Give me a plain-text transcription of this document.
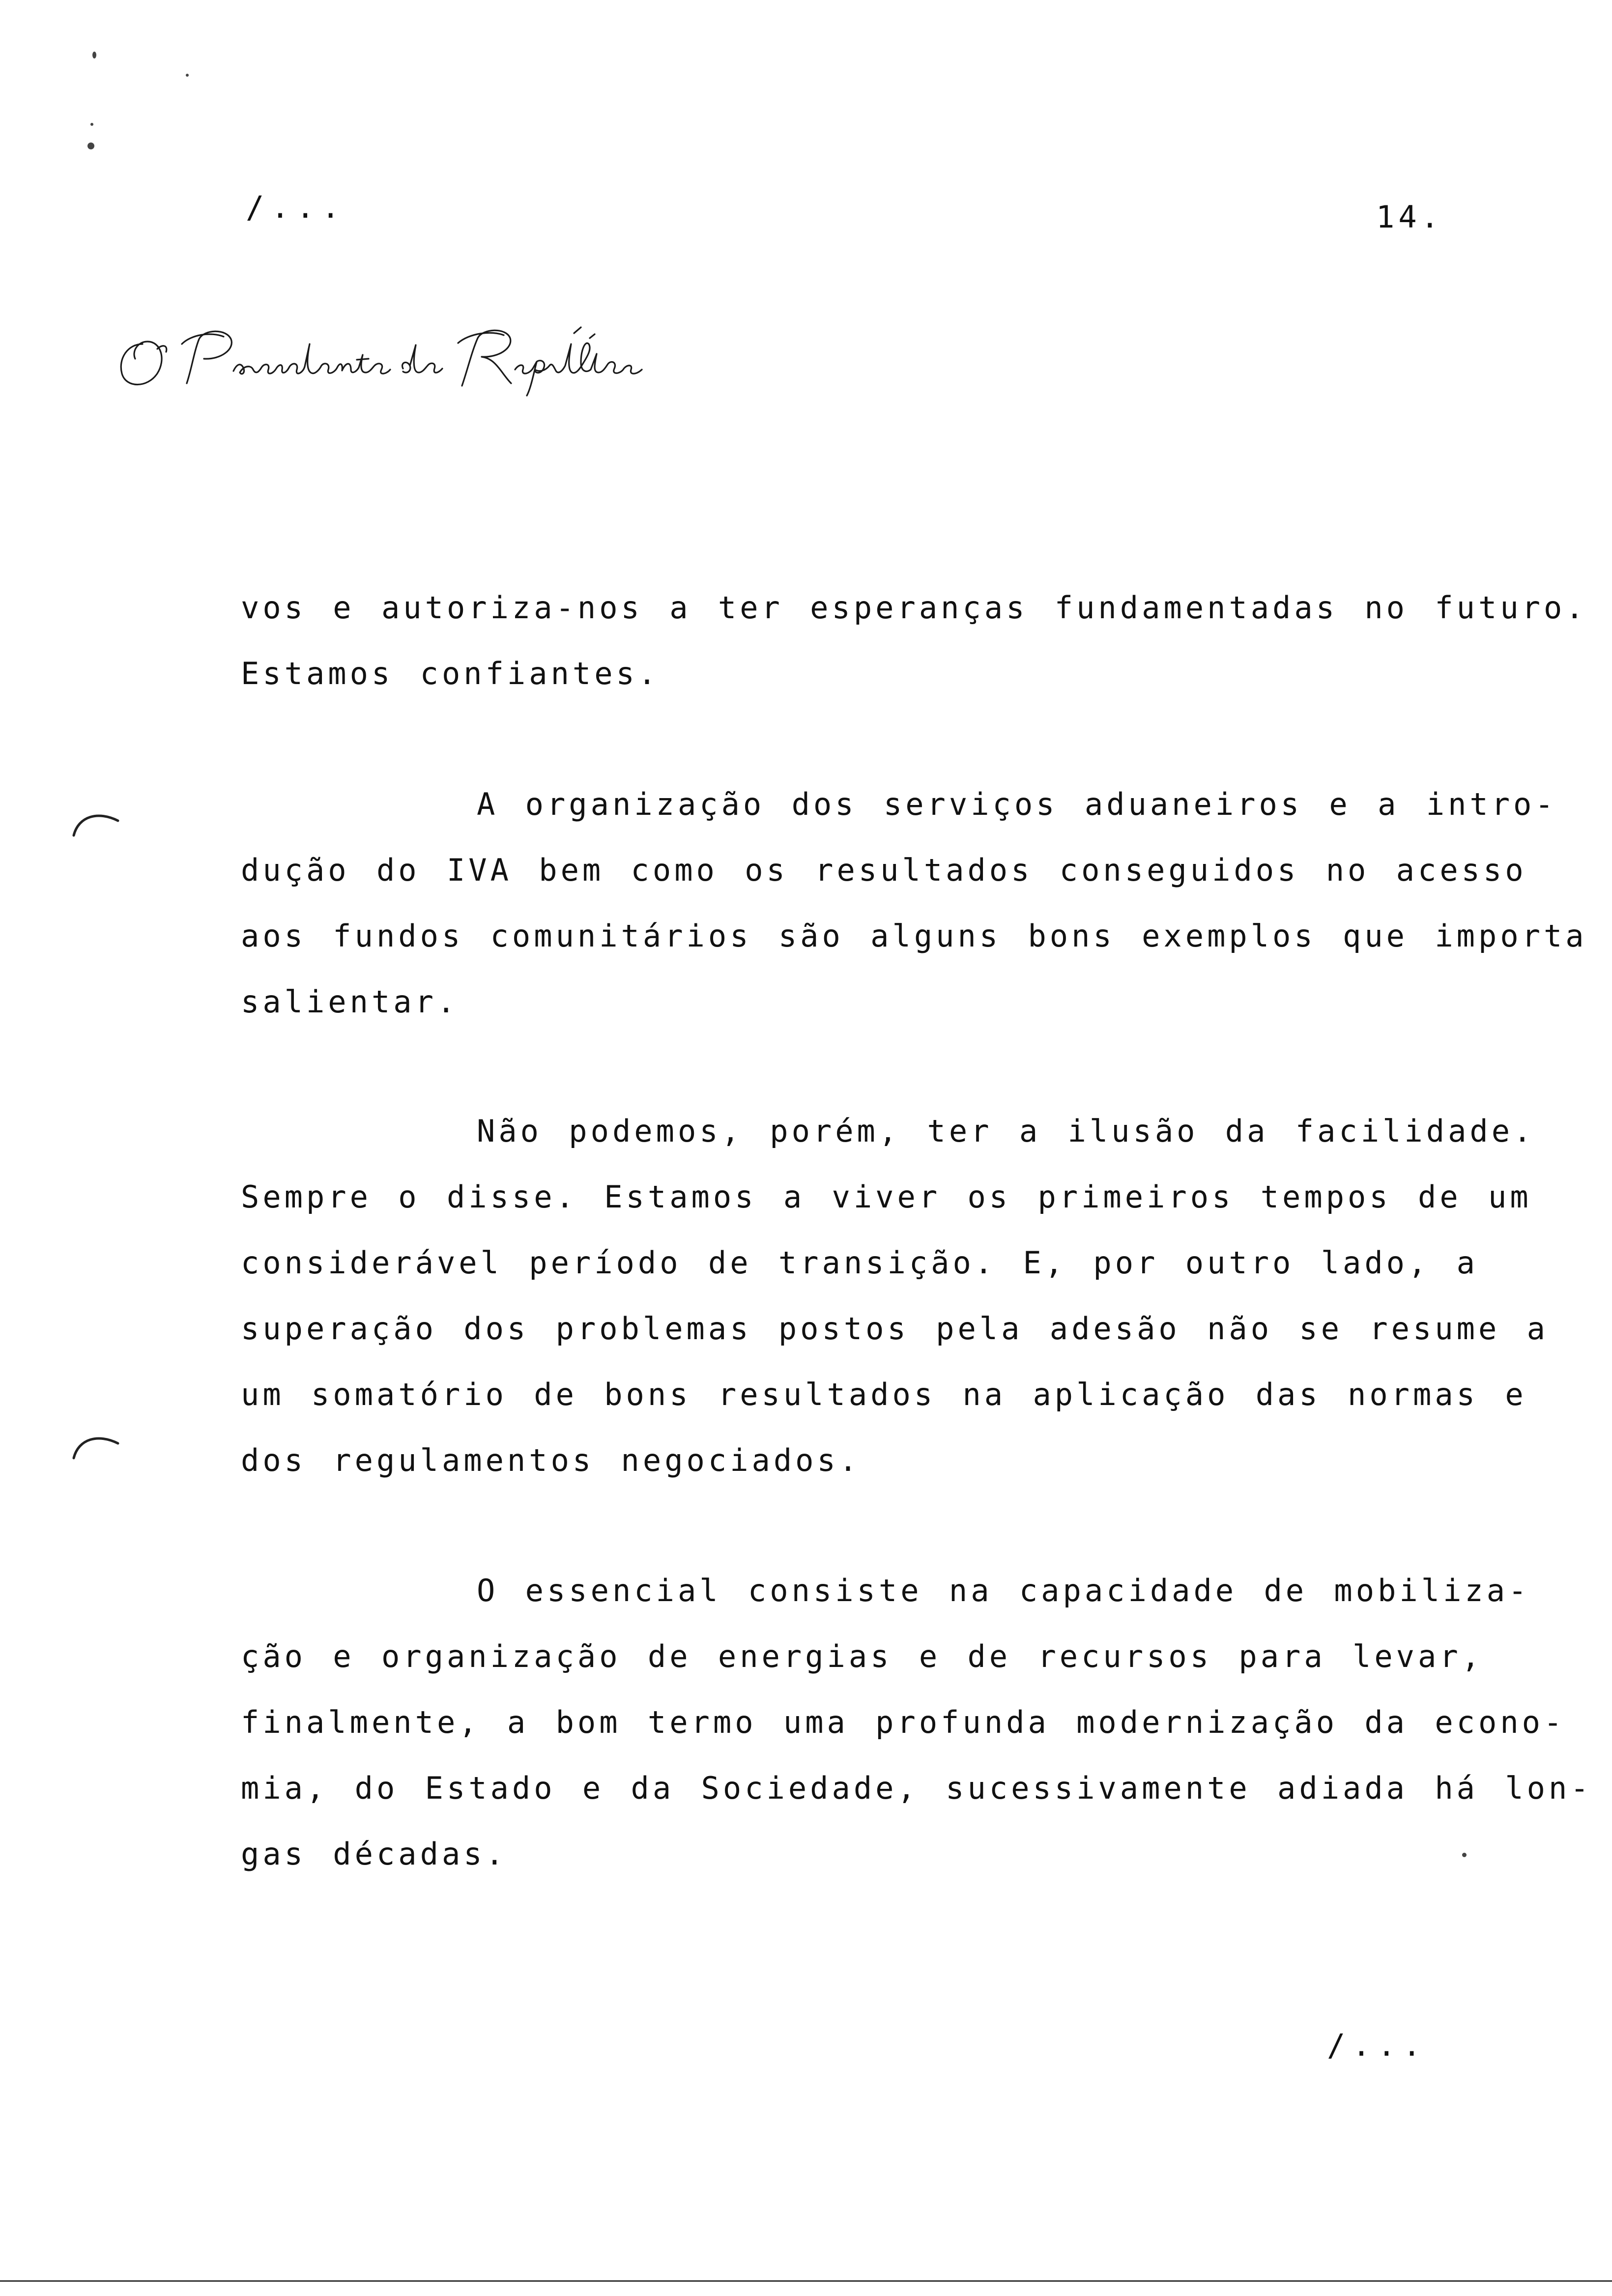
/...	14.
vos e autoriza-nos a ter esperanças fundamentadas no futuro.
Estamos confiantes.
A organização dos serviços aduaneiros e a intro-
dução do IVA bem como os resultados conseguidos no acesso
aos fundos comunitários são alguns bons exemplos que importa
salientar.
Não podemos, porém, ter a ilusão da facilidade.
Sempre o disse. Estamos a viver os primeiros tempos de um
considerável período de transição. E, por outro lado, a
superação dos problemas postos pela adesão não se resume a
um somatório de bons resultados na aplicação das normas e
dos regulamentos negociados.
O essencial consiste na capacidade de mobiliza-
ção e organização de energias e de recursos para levar,
finalmente, a bom termo uma profunda modernização da econo-
mia, do Estado e da Sociedade, sucessivamente adiada há lon-
gas décadas.
/...
